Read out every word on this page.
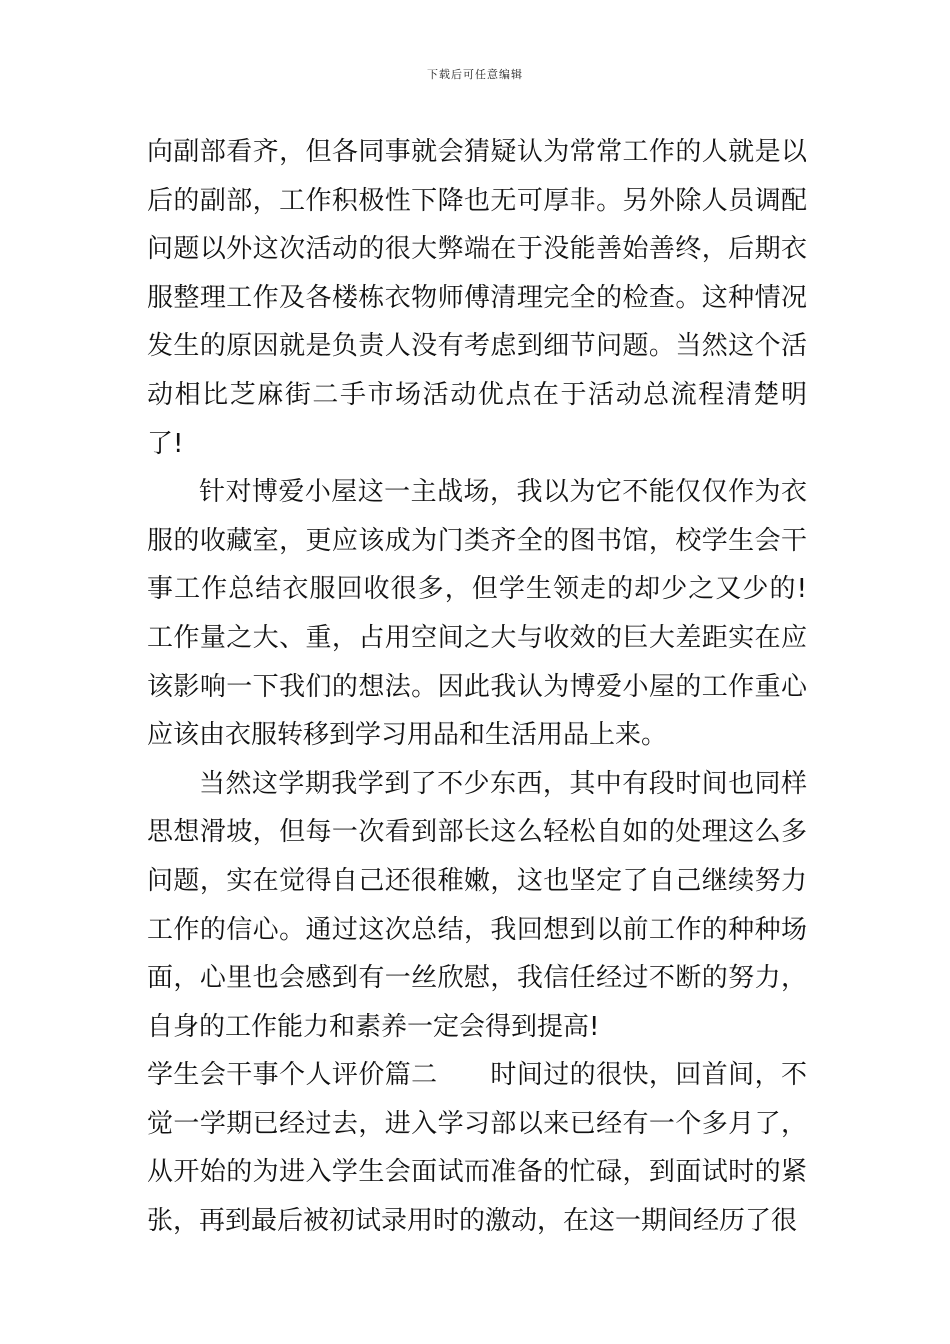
下载后可任意编辑

向副部看齐，但各同事就会猜疑认为常常工作的人就是以后的副部，工作积极性下降也无可厚非。另外除人员调配问题以外这次活动的很大弊端在于没能善始善终，后期衣服整理工作及各楼栋衣物师傅清理完全的检查。这种情况发生的原因就是负责人没有考虑到细节问题。当然这个活动相比芝麻街二手市场活动优点在于活动总流程清楚明了!

针对博爱小屋这一主战场，我以为它不能仅仅作为衣服的收藏室，更应该成为门类齐全的图书馆，校学生会干事工作总结衣服回收很多，但学生领走的却少之又少的!工作量之大、重，占用空间之大与收效的巨大差距实在应该影响一下我们的想法。因此我认为博爱小屋的工作重心应该由衣服转移到学习用品和生活用品上来。

当然这学期我学到了不少东西，其中有段时间也同样思想滑坡，但每一次看到部长这么轻松自如的处理这么多问题，实在觉得自己还很稚嫩，这也坚定了自己继续努力工作的信心。通过这次总结，我回想到以前工作的种种场面，心里也会感到有一丝欣慰，我信任经过不断的努力，自身的工作能力和素养一定会得到提高!

学生会干事个人评价篇二　　时间过的很快，回首间，不觉一学期已经过去，进入学习部以来已经有一个多月了，从开始的为进入学生会面试而准备的忙碌，到面试时的紧张，再到最后被初试录用时的激动，在这一期间经历了很
